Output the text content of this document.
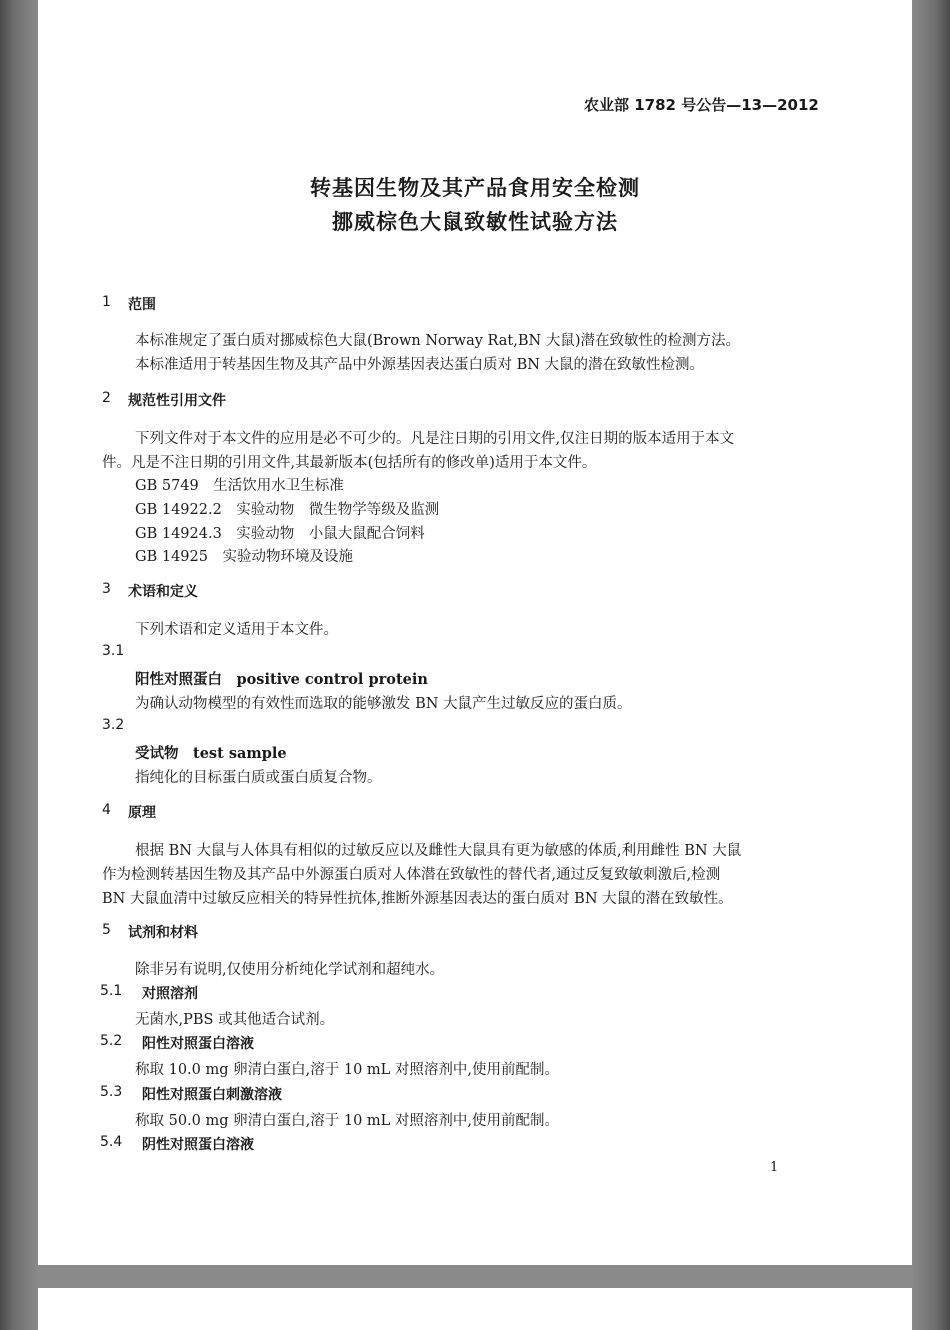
农业部 1782 号公告—13—2012
转基因生物及其产品食用安全检测
挪威棕色大鼠致敏性试验方法
1 范围
本标准规定了蛋白质对挪威棕色大鼠(Brown Norway Rat,BN 大鼠)潜在致敏性的检测方法。
本标准适用于转基因生物及其产品中外源基因表达蛋白质对 BN 大鼠的潜在致敏性检测。
2 规范性引用文件
下列文件对于本文件的应用是必不可少的。凡是注日期的引用文件,仅注日期的版本适用于本文
件。凡是不注日期的引用文件,其最新版本(包括所有的修改单)适用于本文件。
GB 5749　生活饮用水卫生标准
GB 14922.2　实验动物　微生物学等级及监测
GB 14924.3　实验动物　小鼠大鼠配合饲料
GB 14925　实验动物环境及设施
3 术语和定义
下列术语和定义适用于本文件。
3.1
阳性对照蛋白　positive control protein
为确认动物模型的有效性而选取的能够激发 BN 大鼠产生过敏反应的蛋白质。
3.2
受试物　test sample
指纯化的目标蛋白质或蛋白质复合物。
4 原理
根据 BN 大鼠与人体具有相似的过敏反应以及雌性大鼠具有更为敏感的体质,利用雌性 BN 大鼠
作为检测转基因生物及其产品中外源蛋白质对人体潜在致敏性的替代者,通过反复致敏刺激后,检测
BN 大鼠血清中过敏反应相关的特异性抗体,推断外源基因表达的蛋白质对 BN 大鼠的潜在致敏性。
5 试剂和材料
除非另有说明,仅使用分析纯化学试剂和超纯水。
5.1 对照溶剂
无菌水,PBS 或其他适合试剂。
5.2 阳性对照蛋白溶液
称取 10.0 mg 卵清白蛋白,溶于 10 mL 对照溶剂中,使用前配制。
5.3 阳性对照蛋白刺激溶液
称取 50.0 mg 卵清白蛋白,溶于 10 mL 对照溶剂中,使用前配制。
5.4 阴性对照蛋白溶液
1
